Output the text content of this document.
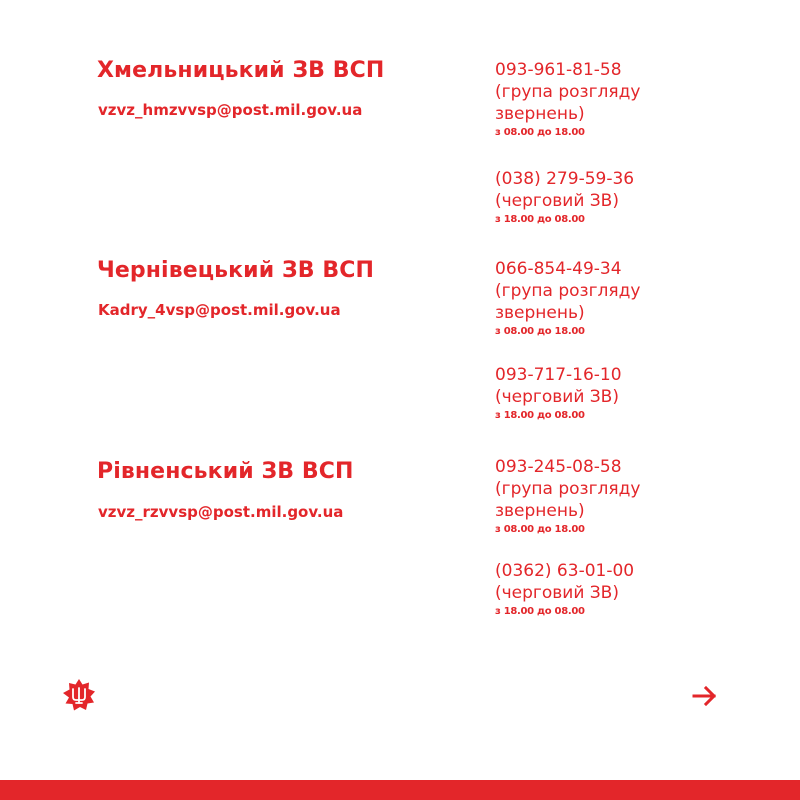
Хмельницький ЗВ ВСП
vzvz_hmzvvsp@post.mil.gov.ua
093-961-81-58
(група розгляду
звернень)
з 08.00 до 18.00
(038) 279-59-36
(черговий ЗВ)
з 18.00 до 08.00
Чернівецький ЗВ ВСП
Kadry_4vsp@post.mil.gov.ua
066-854-49-34
(група розгляду
звернень)
з 08.00 до 18.00
093-717-16-10
(черговий ЗВ)
з 18.00 до 08.00
Рівненський ЗВ ВСП
vzvz_rzvvsp@post.mil.gov.ua
093-245-08-58
(група розгляду
звернень)
з 08.00 до 18.00
(0362) 63-01-00
(черговий ЗВ)
з 18.00 до 08.00
